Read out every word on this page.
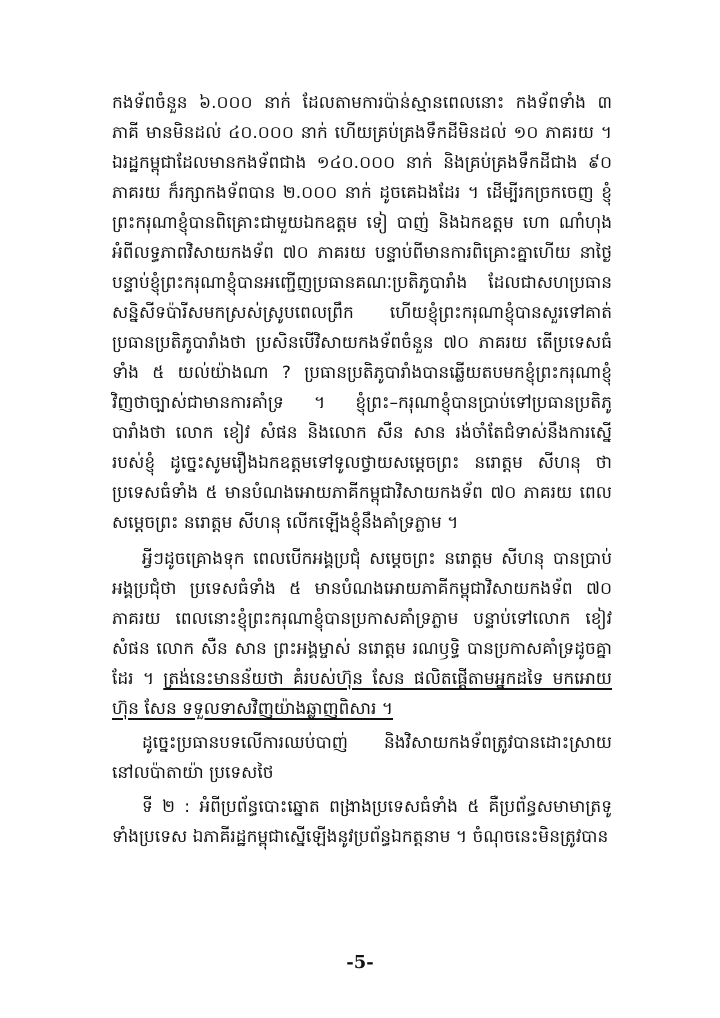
កងទ័ពចំនួន ៦.០០០ នាក់ ដែលតាមការប៉ាន់ស្មានពេលនោះ កងទ័ពទាំង ៣ ភាគី មានមិនដល់ ៤០.០០០ នាក់ ហើយគ្រប់គ្រងទឹកដីមិនដល់ ១០ ភាគរយ ។ ឯរដ្ឋកម្ពុជាដែលមានកងទ័ពជាង ១៤០.០០០ នាក់ និងគ្រប់គ្រងទឹកដីជាង ៩០ ភាគរយ ក៏រក្សាកងទ័ពបាន ២.០០០ នាក់ ដូចគេឯងដែរ ។ ដើម្បីរកច្រកចេញ ខ្ញុំព្រះករុណាខ្ញុំបានពិគ្រោះជាមួយឯកឧត្តម ទៀ បាញ់ និងឯកឧត្តម ហោ ណាំហុង អំពីលទ្ធភាពវិសាយកងទ័ព ៧០ ភាគរយ បន្ទាប់ពីមានការពិគ្រោះគ្នាហើយ នាថ្ងៃបន្ទាប់ខ្ញុំព្រះករុណាខ្ញុំបានអញ្ជើញប្រធានគណៈប្រតិភូបារាំង ដែលជាសហប្រធានសន្និសីទប៉ារីសមកស្រស់ស្រូបពេលព្រឹក ហើយខ្ញុំព្រះករុណាខ្ញុំបានសួរទៅគាត់ប្រធានប្រតិភូបារាំងថា ប្រសិនបើវិសាយកងទ័ពចំនួន ៧០ ភាគរយ តើប្រទេសធំទាំង ៥ យល់យ៉ាងណា ? ប្រធានប្រតិភូបារាំងបានឆ្លើយតបមកខ្ញុំព្រះករុណាខ្ញុំវិញថាច្បាស់ជាមានការគាំទ្រ ។ ខ្ញុំព្រះ–ករុណាខ្ញុំបានប្រាប់ទៅប្រធានប្រតិភូបារាំងថា លោក ខៀវ សំផន និងលោក សឺន សាន រង់ចាំតែជំទាស់នឹងការស្នើរបស់ខ្ញុំ ដូច្នេះសូមរឿងឯកឧត្តមទៅទូលថ្វាយសម្តេចព្រះ នរោត្តម សីហនុ ថា ប្រទេសធំទាំង ៥ មានបំណងអោយភាគីកម្ពុជាវិសាយកងទ័ព ៧០ ភាគរយ ពេលសម្តេចព្រះ នរោត្តម សីហនុ លើកឡើងខ្ញុំនឹងគាំទ្រភ្លាម ។

អ្វីៗដូចគ្រោងទុក ពេលបើកអង្គប្រជុំ សម្តេចព្រះ នរោត្តម សីហនុ បានប្រាប់អង្គប្រជុំថា ប្រទេសធំទាំង ៥ មានបំណងអោយភាគីកម្ពុជាវិសាយកងទ័ព ៧០ ភាគរយ ពេលនោះខ្ញុំព្រះករុណាខ្ញុំបានប្រកាសគាំទ្រភ្លាម បន្ទាប់ទៅលោក ខៀវ សំផន លោក សឺន សាន ព្រះអង្គម្ចាស់ នរោត្តម រណឫទ្ធិ បានប្រកាសគាំទ្រដូចគ្នាដែរ ។ ត្រង់នេះមានន័យថា គំរបស់ហ៊ុន សែន ផលិតផ្តើតាមអ្នកដទៃ មកអោយហ៊ុន សែន ទទួលទាសវិញយ៉ាងឆ្លាញពិសារ ។

ដូច្នេះប្រធានបទលើការឈប់បាញ់ និងវិសាយកងទ័ពត្រូវបានដោះស្រាយនៅលប៉ាតាយ៉ា ប្រទេសថៃ

ទី ២ : អំពីប្រព័ន្ធបោះឆ្នោត ពង្រាងប្រទេសធំទាំង ៥ គឺប្រព័ន្ធសមាមាត្រទូទាំងប្រទេស ឯភាគីរដ្ឋកម្ពុជាស្នើឡើងនូវប្រព័ន្ធឯកត្តនាម ។ ចំណុចនេះមិនត្រូវបាន

-5-
